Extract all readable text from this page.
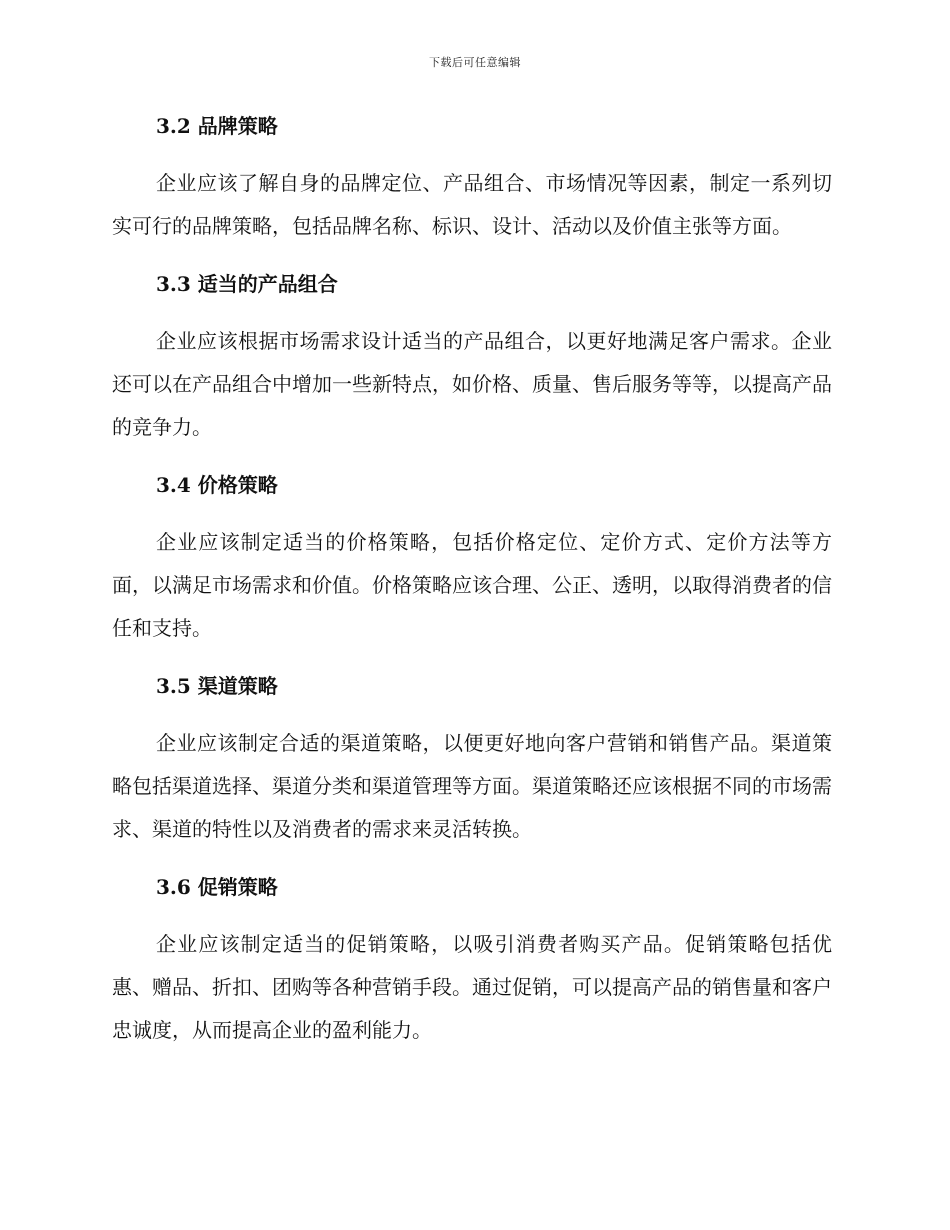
下载后可任意编辑
3.2 品牌策略

企业应该了解自身的品牌定位、产品组合、市场情况等因素，制定一系列切实可行的品牌策略，包括品牌名称、标识、设计、活动以及价值主张等方面。

3.3 适当的产品组合

企业应该根据市场需求设计适当的产品组合，以更好地满足客户需求。企业还可以在产品组合中增加一些新特点，如价格、质量、售后服务等等，以提高产品的竞争力。

3.4 价格策略

企业应该制定适当的价格策略，包括价格定位、定价方式、定价方法等方面，以满足市场需求和价值。价格策略应该合理、公正、透明，以取得消费者的信任和支持。

3.5 渠道策略

企业应该制定合适的渠道策略，以便更好地向客户营销和销售产品。渠道策略包括渠道选择、渠道分类和渠道管理等方面。渠道策略还应该根据不同的市场需求、渠道的特性以及消费者的需求来灵活转换。

3.6 促销策略

企业应该制定适当的促销策略，以吸引消费者购买产品。促销策略包括优惠、赠品、折扣、团购等各种营销手段。通过促销，可以提高产品的销售量和客户忠诚度，从而提高企业的盈利能力。
